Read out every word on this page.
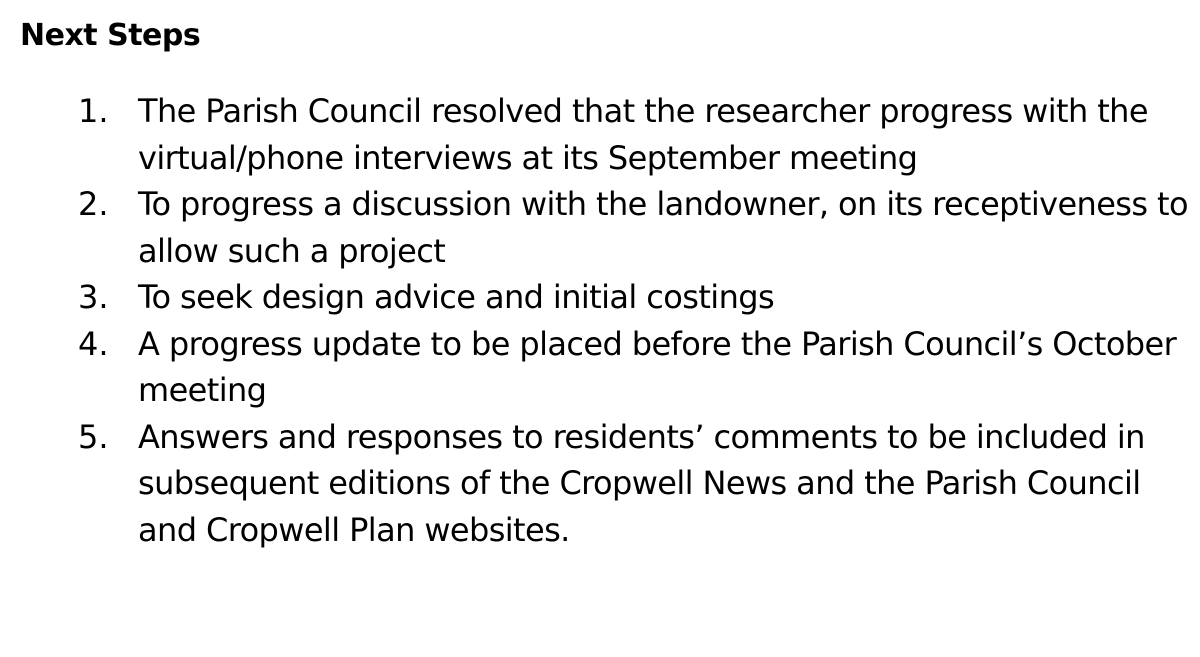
Next Steps
1. The Parish Council resolved that the researcher progress with the virtual/phone interviews at its September meeting
2. To progress a discussion with the landowner, on its receptiveness to allow such a project
3. To seek design advice and initial costings
4. A progress update to be placed before the Parish Council’s October meeting
5. Answers and responses to residents’ comments to be included in subsequent editions of the Cropwell News and the Parish Council and Cropwell Plan websites.
